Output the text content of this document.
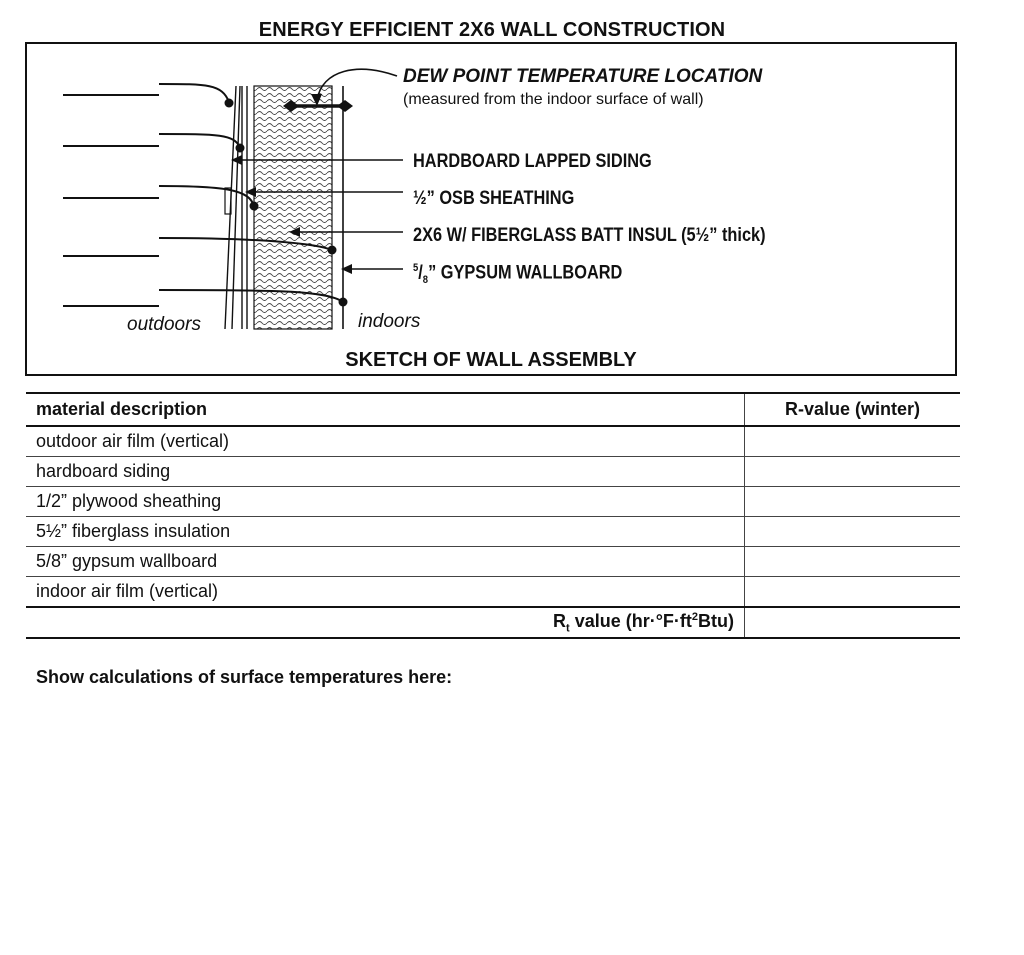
ENERGY EFFICIENT 2X6 WALL CONSTRUCTION
DEW POINT TEMPERATURE LOCATION
(measured from the indoor surface of wall)
HARDBOARD LAPPED SIDING
½” OSB SHEATHING
2X6 W/ FIBERGLASS BATT INSUL (5½” thick)
$^5/_8$” GYPSUM WALLBOARD
outdoors	indoors
SKETCH OF WALL ASSEMBLY
material description	R-value (winter)
outdoor air film (vertical)	
hardboard siding	
1/2” plywood sheathing	
5½” fiberglass insulation	
5/8” gypsum wallboard	
indoor air film (vertical)	
$R_t$ value $(hr\cdot^\circ F\cdot ft^2Btu)$	
Show calculations of surface temperatures here:
